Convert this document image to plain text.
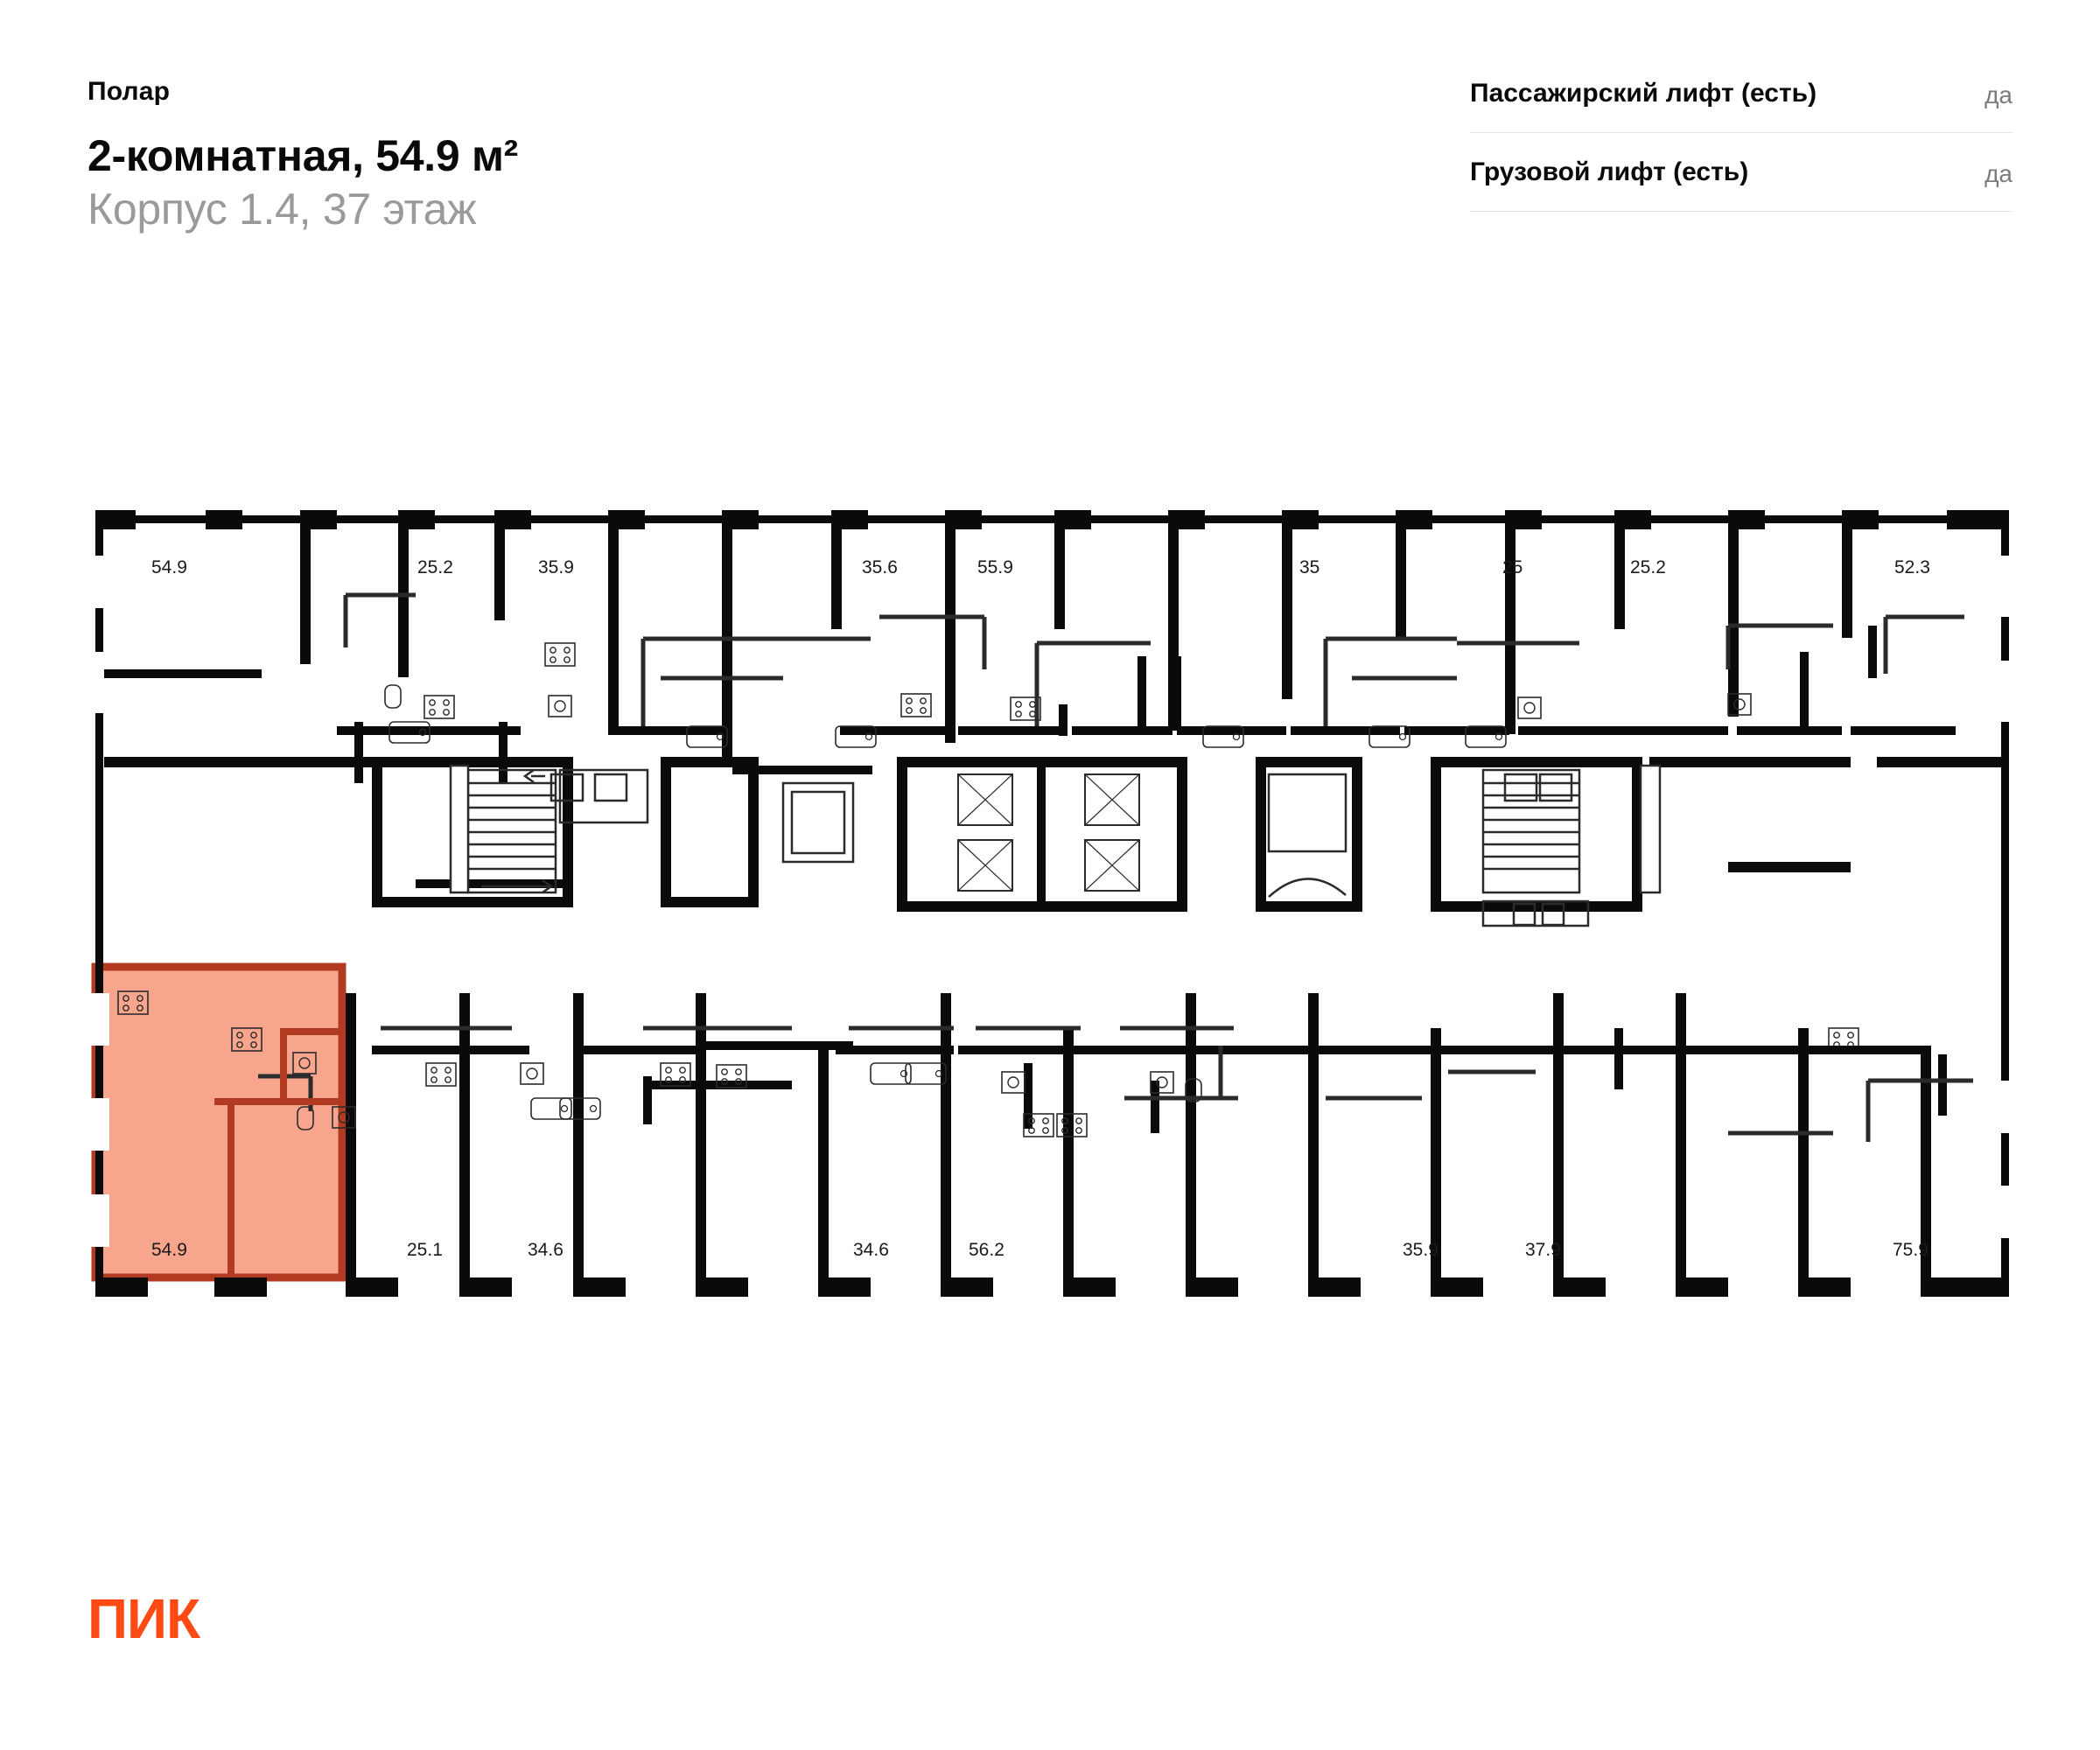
Полар
2-комнатная, 54.9 м²
Корпус 1.4, 37 этаж
Пассажирский лифт (есть)	да
Грузовой лифт (есть)	да
54.9	25.2	35.9	35.6	55.9	35	25	25.2	52.3
54.9	25.1	34.6	34.6	56.2	35.9	37.9	75.9
ПИК
